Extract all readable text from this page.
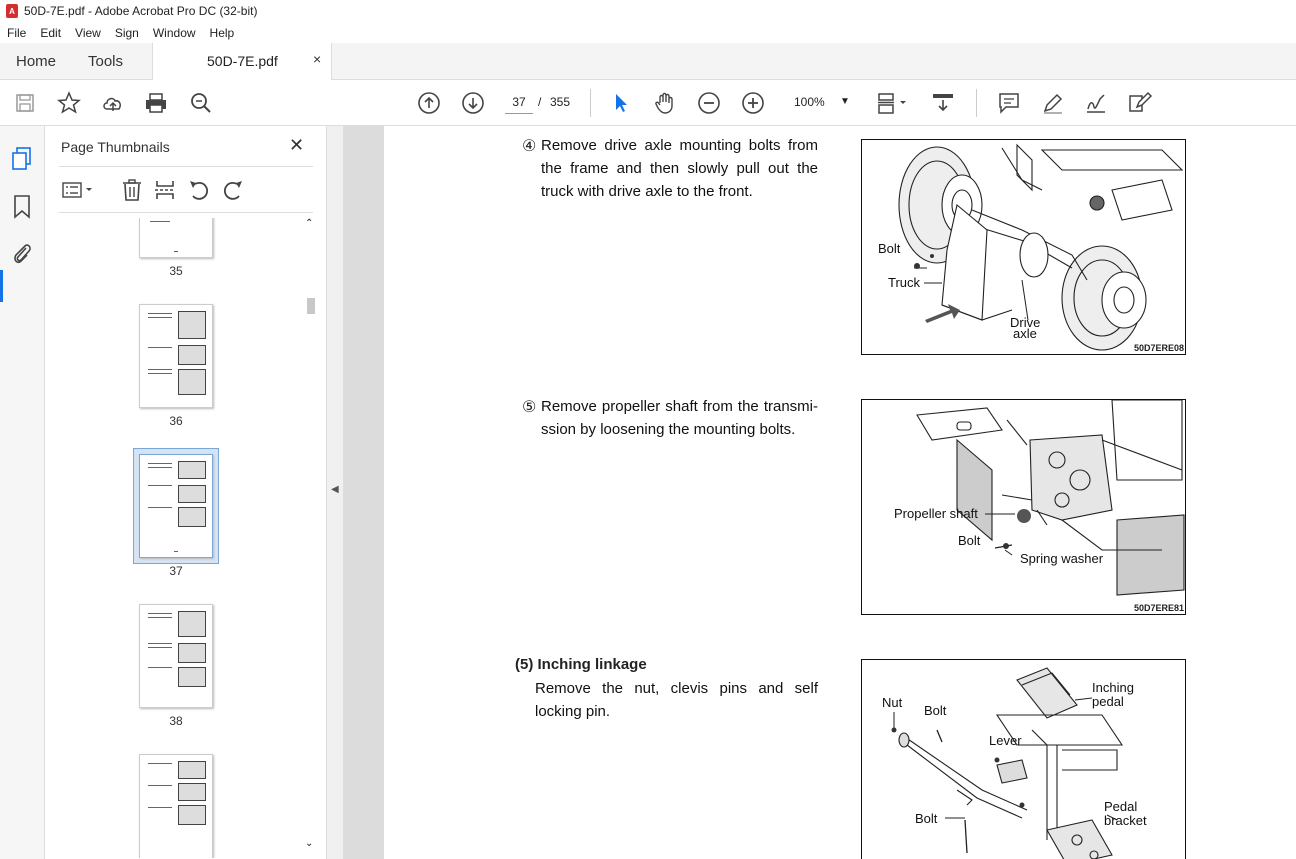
A 50D-7E.pdf - Adobe Acrobat Pro DC (32-bit)
File	Edit	View	Sign	Window	Help
Home Tools	50D-7E.pdf	×
37	/ 355	100% ▼
Page Thumbnails	✕
35
36
37
38
⌃
⌄
◀
④ Remove drive axle mounting bolts from the frame and then slowly pull out the truck with drive axle to the front.
Bolt
Truck
Drive
axle
50D7ERE08
⑤ Remove propeller shaft from the transmi-ssion by loosening the mounting bolts.
Propeller shaft
Bolt
Spring washer
50D7ERE81
(5) Inching linkage
Remove the nut, clevis pins and self locking pin.
Nut
Bolt
Inching
pedal
Lever
Pedal
bracket
Bolt
